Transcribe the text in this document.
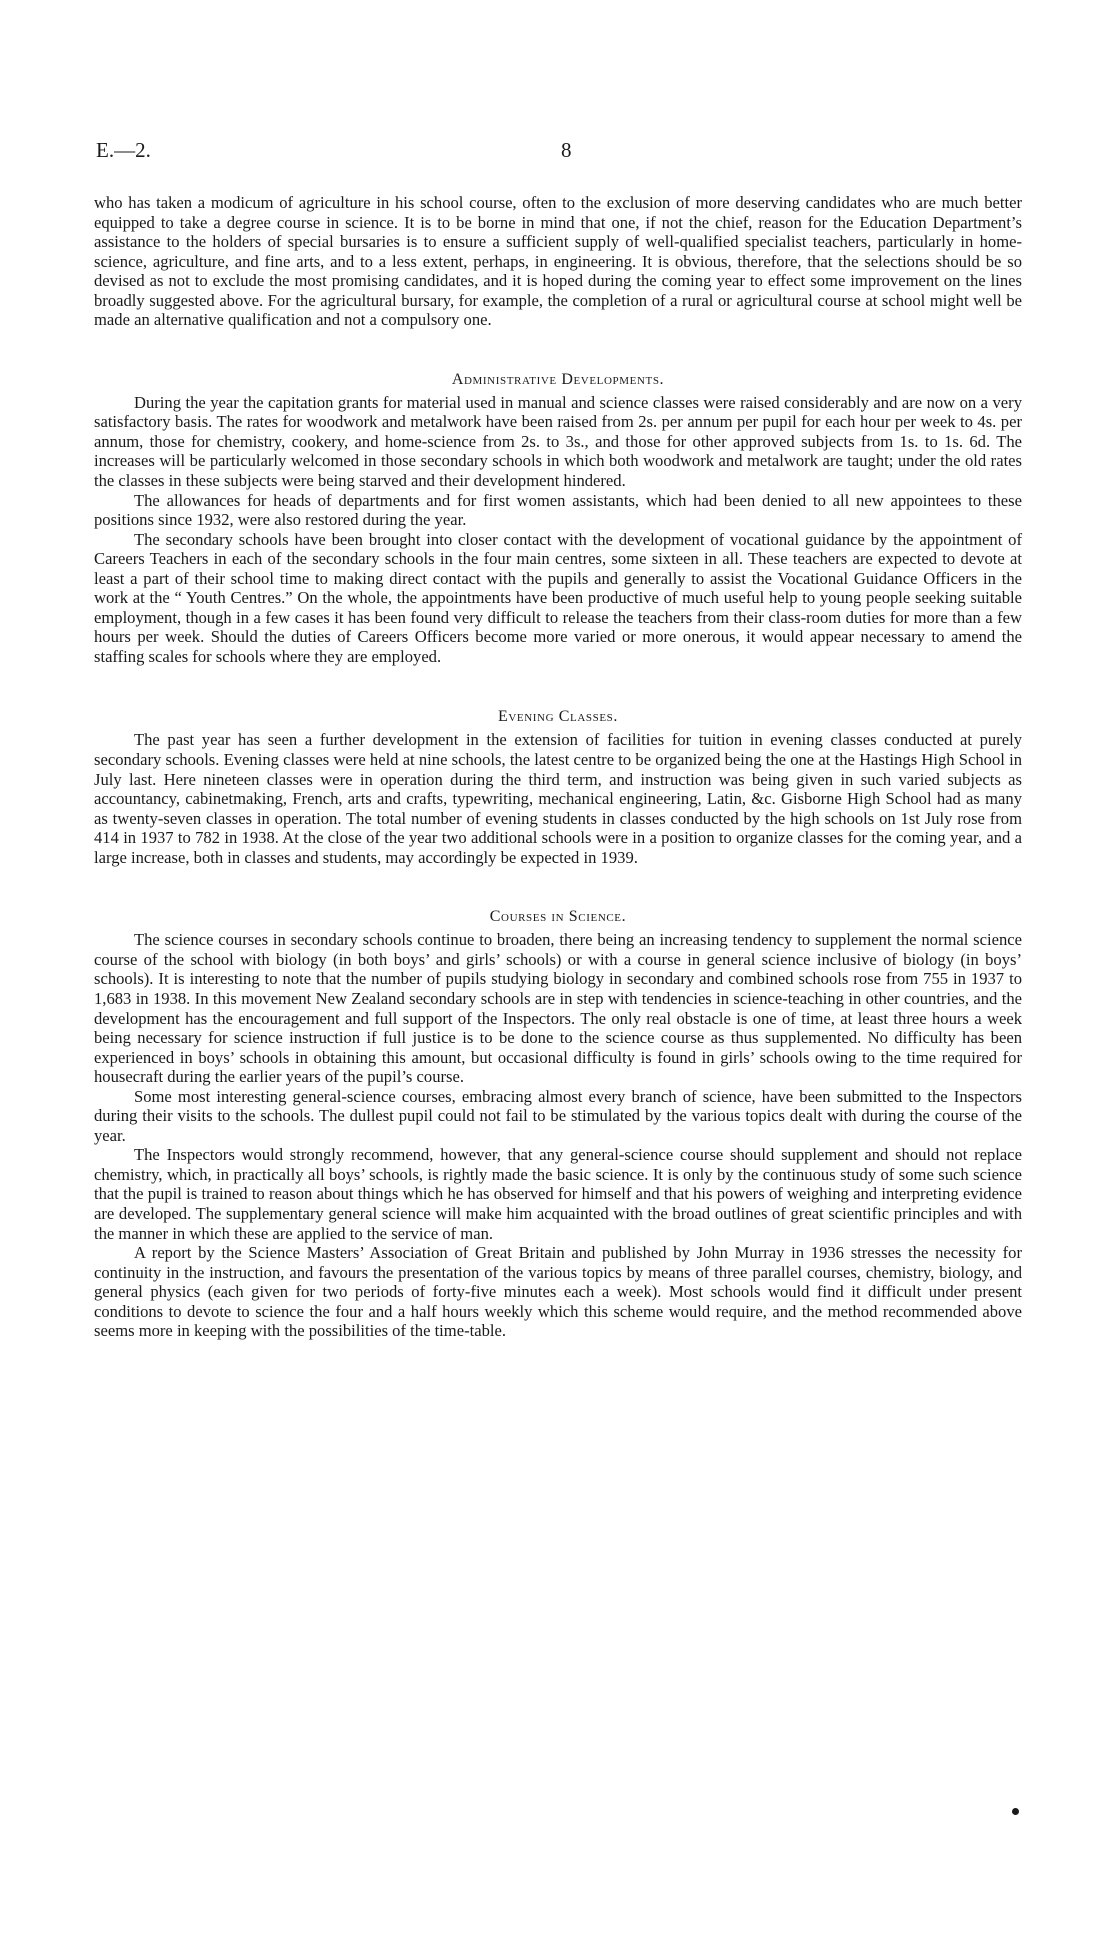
E.—2.	8

who has taken a modicum of agriculture in his school course, often to the exclusion of more deserving candidates who are much better equipped to take a degree course in science. It is to be borne in mind that one, if not the chief, reason for the Education Department’s assistance to the holders of special bursaries is to ensure a sufficient supply of well-qualified specialist teachers, particularly in home-science, agriculture, and fine arts, and to a less extent, perhaps, in engineering. It is obvious, therefore, that the selections should be so devised as not to exclude the most promising candidates, and it is hoped during the coming year to effect some improvement on the lines broadly suggested above. For the agricultural bursary, for example, the completion of a rural or agricultural course at school might well be made an alternative qualification and not a compulsory one.

Administrative Developments.

During the year the capitation grants for material used in manual and science classes were raised considerably and are now on a very satisfactory basis. The rates for woodwork and metalwork have been raised from 2s. per annum per pupil for each hour per week to 4s. per annum, those for chemistry, cookery, and home-science from 2s. to 3s., and those for other approved subjects from 1s. to 1s. 6d. The increases will be particularly welcomed in those secondary schools in which both woodwork and metalwork are taught; under the old rates the classes in these subjects were being starved and their development hindered.

The allowances for heads of departments and for first women assistants, which had been denied to all new appointees to these positions since 1932, were also restored during the year.

The secondary schools have been brought into closer contact with the development of vocational guidance by the appointment of Careers Teachers in each of the secondary schools in the four main centres, some sixteen in all. These teachers are expected to devote at least a part of their school time to making direct contact with the pupils and generally to assist the Vocational Guidance Officers in the work at the “ Youth Centres.” On the whole, the appointments have been productive of much useful help to young people seeking suitable employment, though in a few cases it has been found very difficult to release the teachers from their class-room duties for more than a few hours per week. Should the duties of Careers Officers become more varied or more onerous, it would appear necessary to amend the staffing scales for schools where they are employed.

Evening Classes.

The past year has seen a further development in the extension of facilities for tuition in evening classes conducted at purely secondary schools. Evening classes were held at nine schools, the latest centre to be organized being the one at the Hastings High School in July last. Here nineteen classes were in operation during the third term, and instruction was being given in such varied subjects as accountancy, cabinetmaking, French, arts and crafts, typewriting, mechanical engineering, Latin, &c. Gisborne High School had as many as twenty-seven classes in operation. The total number of evening students in classes conducted by the high schools on 1st July rose from 414 in 1937 to 782 in 1938. At the close of the year two additional schools were in a position to organize classes for the coming year, and a large increase, both in classes and students, may accordingly be expected in 1939.

Courses in Science.

The science courses in secondary schools continue to broaden, there being an increasing tendency to supplement the normal science course of the school with biology (in both boys’ and girls’ schools) or with a course in general science inclusive of biology (in boys’ schools). It is interesting to note that the number of pupils studying biology in secondary and combined schools rose from 755 in 1937 to 1,683 in 1938. In this movement New Zealand secondary schools are in step with tendencies in science-teaching in other countries, and the development has the encouragement and full support of the Inspectors. The only real obstacle is one of time, at least three hours a week being necessary for science instruction if full justice is to be done to the science course as thus supplemented. No difficulty has been experienced in boys’ schools in obtaining this amount, but occasional difficulty is found in girls’ schools owing to the time required for housecraft during the earlier years of the pupil’s course.

Some most interesting general-science courses, embracing almost every branch of science, have been submitted to the Inspectors during their visits to the schools. The dullest pupil could not fail to be stimulated by the various topics dealt with during the course of the year.

The Inspectors would strongly recommend, however, that any general-science course should supplement and should not replace chemistry, which, in practically all boys’ schools, is rightly made the basic science. It is only by the continuous study of some such science that the pupil is trained to reason about things which he has observed for himself and that his powers of weighing and interpreting evidence are developed. The supplementary general science will make him acquainted with the broad outlines of great scientific principles and with the manner in which these are applied to the service of man.

A report by the Science Masters’ Association of Great Britain and published by John Murray in 1936 stresses the necessity for continuity in the instruction, and favours the presentation of the various topics by means of three parallel courses, chemistry, biology, and general physics (each given for two periods of forty-five minutes each a week). Most schools would find it difficult under present conditions to devote to science the four and a half hours weekly which this scheme would require, and the method recommended above seems more in keeping with the possibilities of the time-table.
